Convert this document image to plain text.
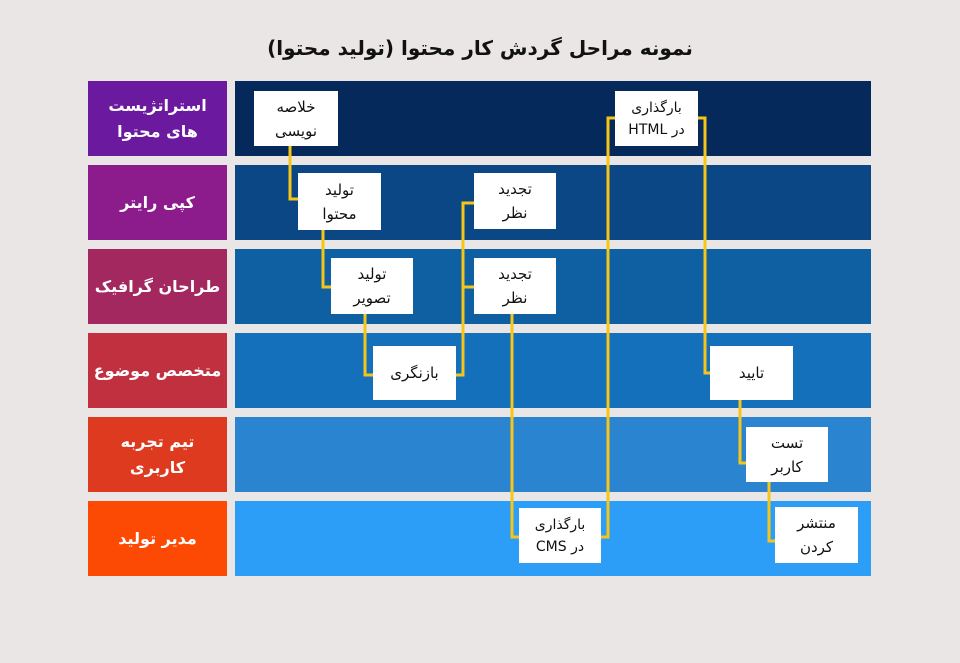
نمونه مراحل گردش کار محتوا (تولید محتوا)
استراتژیست های محتوا
کپی رایتر
طراحان گرافیک
متخصص موضوع
تیم تجربه کاربری
مدیر تولید
خلاصه
نویسی
بارگذاری
در HTML
تولید
محتوا
تجدید
نظر
تولید
تصویر
تجدید
نظر
بازنگری	تایید
تست
کاربر
بارگذاری
در CMS
منتشر
کردن
